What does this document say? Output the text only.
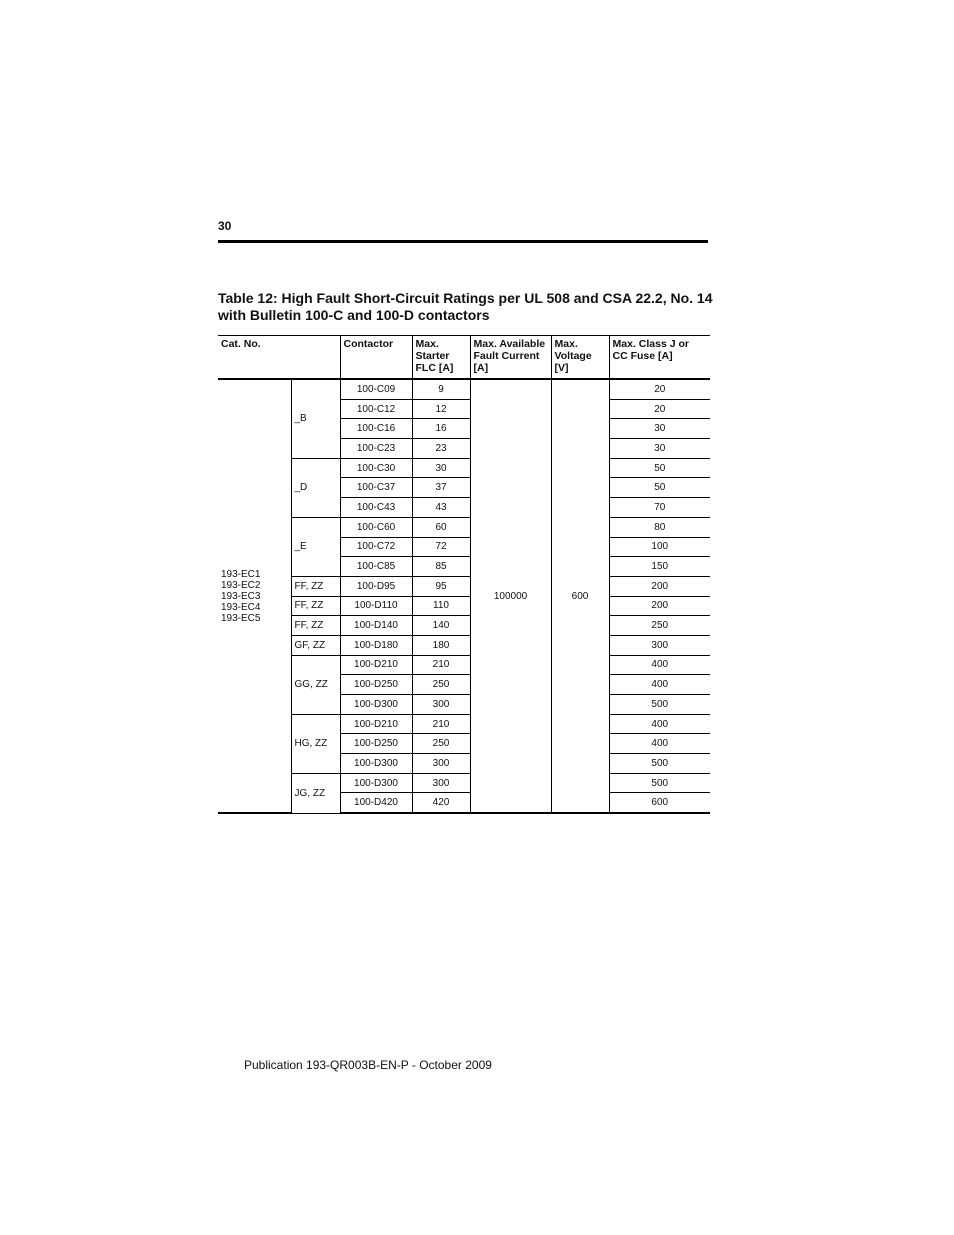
30
Table 12: High Fault Short-Circuit Ratings per UL 508 and CSA 22.2, No. 14 with Bulletin 100-C and 100-D contactors
Cat. No.		Contactor	Max. Starter FLC [A]	Max. Available Fault Current [A]	Max. Voltage [V]	Max. Class J or CC Fuse [A]

193-EC1
193-EC2
193-EC3
193-EC4
193-EC5	_B	100-C09	9	100000	600	20
		100-C12	12			20
		100-C16	16			30
		100-C23	23			30
	_D	100-C30	30			50
		100-C37	37			50
		100-C43	43			70
	_E	100-C60	60			80
		100-C72	72			100
		100-C85	85			150
	FF, ZZ	100-D95	95			200
	FF, ZZ	100-D110	110			200
	FF, ZZ	100-D140	140			250
	GF, ZZ	100-D180	180			300
	GG, ZZ	100-D210	210			400
		100-D250	250			400
		100-D300	300			500
	HG, ZZ	100-D210	210			400
		100-D250	250			400
		100-D300	300			500
	JG, ZZ	100-D300	300			500
		100-D420	420			600
Publication 193-QR003B-EN-P - October 2009
